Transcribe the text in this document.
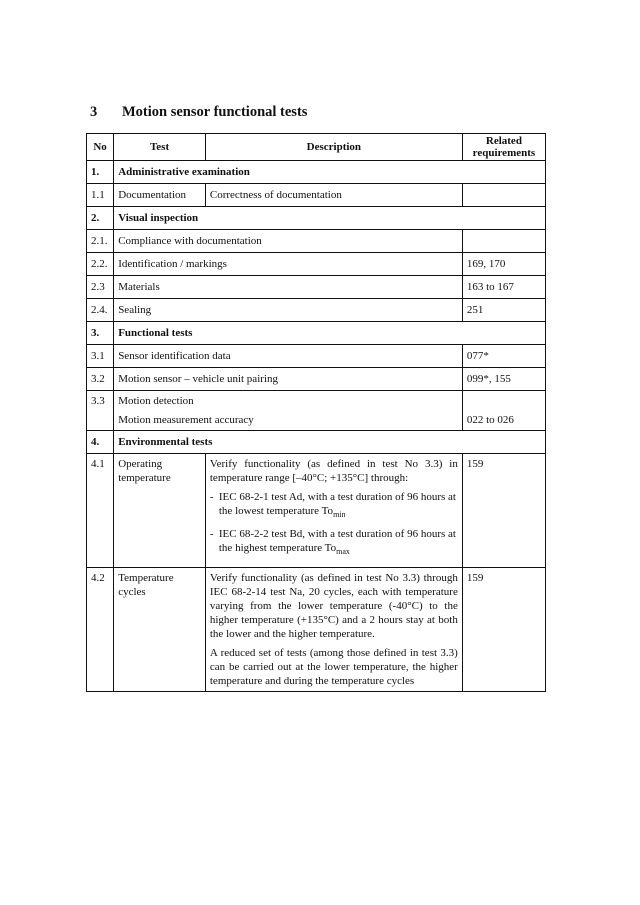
3 Motion sensor functional tests
No	Test	Description	Related requirements
1.	Administrative examination		
1.1	Documentation	Correctness of documentation	
2.	Visual inspection		
2.1.	Compliance with documentation		
2.2.	Identification / markings		169, 170
2.3	Materials		163 to 167
2.4.	Sealing		251
3.	Functional tests		
3.1	Sensor identification data		077*
3.2	Motion sensor – vehicle unit pairing		099*, 155
3.3	Motion detection
Motion measurement accuracy		022 to 026
4.	Environmental tests		
4.1	Operating temperature	Verify functionality (as defined in test No 3.3) in temperature range [–40°C; +135°C] through:

- IEC 68-2-1 test Ad, with a test duration of 96 hours at the lowest temperature $To_{min}$
- IEC 68-2-2 test Bd, with a test duration of 96 hours at the highest temperature $To_{max}$	159
4.2	Temperature cycles	Verify functionality (as defined in test No 3.3) through IEC 68-2-14 test Na, 20 cycles, each with temperature varying from the lower temperature (-40°C) to the higher temperature (+135°C) and a 2 hours stay at both the lower and the higher temperature.

A reduced set of tests (among those defined in test 3.3) can be carried out at the lower temperature, the higher temperature and during the temperature cycles	159
